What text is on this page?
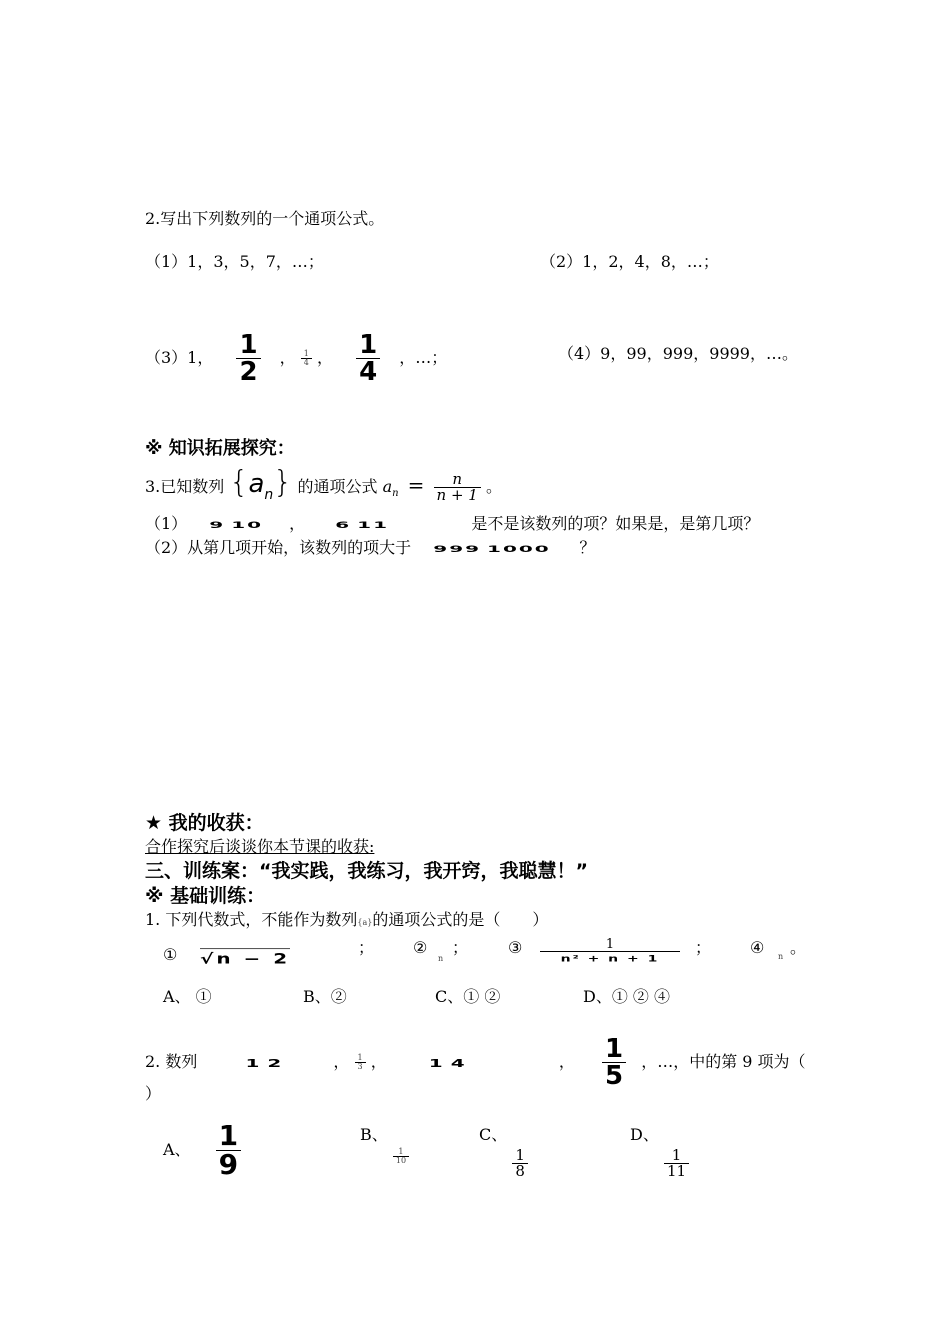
2.写出下列数列的一个通项公式。
（1）1，3，5，7，…；	（2）1，2，4，8，…；
（3）1， $\frac{1}{2}$ ， $\frac{1}{4}$ ， $\frac{1}{4}$ ，…；	（4）9，99，999，9999，…。
※ 知识拓展探究：
3.已知数列 $\{a_n\}$ 的通项公式 $a_n = \frac{n}{n + 1}$ 。
（1） 9 10 ， 6 11	是不是该数列的项？如果是，是第几项？
（2）从第几项开始，该数列的项大于 999 1000 ？
★ 我的收获：
合作探究后谈谈你本节课的收获:
三、训练案：“我实践，我练习，我开窍，我聪慧！”
※ 基础训练：
1. 下列代数式，不能作为数列{a}的通项公式的是（　　）
① √n − 2
； ②
n
； ③ $\frac{1}{\text{n² + n + 1}}$ ； ④ n 。
A、 ①	B、②	C、① ②	D、① ② ④
2. 数列 1 2	， $\frac{1}{3}$ ， 1 4	， $\frac{1}{5}$ ，…，中的第 9 项为（
）
A、 $\frac{1}{9}$	B、
$\frac{1}{10}$
C、
$\frac{1}{8}$
D、
$\frac{1}{11}$
